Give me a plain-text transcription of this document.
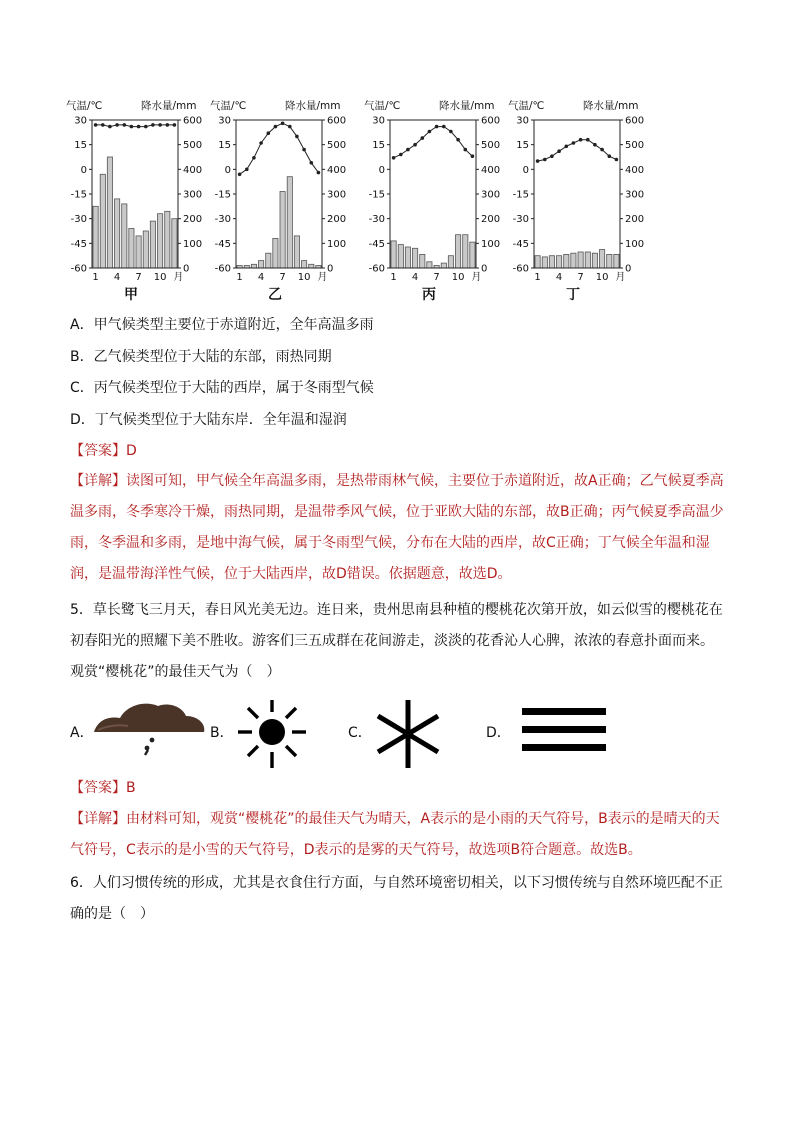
气温/℃	降水量/mm
30
15
0
-15
-30
-45
-60
600
500
400
300
200
100
0
1 4 7 10 月
甲
气温/℃	降水量/mm
30
15
0
-15
-30
-45
-60
600
500
400
300
200
100
0
1 4 7 10 月
乙
气温/℃	降水量/mm
30
15
0
-15
-30
-45
-60
600
500
400
300
200
100
0
1 4 7 10 月
丙
气温/℃	降水量/mm
30
15
0
-15
-30
-45
-60
600
500
400
300
200
100
0
1 4 7 10 月
丁
A．甲气候类型主要位于赤道附近，全年高温多雨
B．乙气候类型位于大陆的东部，雨热同期
C．丙气候类型位于大陆的西岸，属于冬雨型气候
D．丁气候类型位于大陆东岸．全年温和湿润
【答案】D
【详解】读图可知，甲气候全年高温多雨，是热带雨林气候，主要位于赤道附近，故A正确；乙气候夏季高温多雨，冬季寒冷干燥，雨热同期，是温带季风气候，位于亚欧大陆的东部，故B正确；丙气候夏季高温少雨，冬季温和多雨，是地中海气候，属于冬雨型气候，分布在大陆的西岸，故C正确；丁气候全年温和湿润，是温带海洋性气候，位于大陆西岸，故D错误。依据题意，故选D。
5．草长鹭飞三月天，春日风光美无边。连日来，贵州思南县种植的樱桃花次第开放，如云似雪的樱桃花在初春阳光的照耀下美不胜收。游客们三五成群在花间游走，淡淡的花香沁人心脾，浓浓的春意扑面而来。观赏“樱桃花”的最佳天气为（　）
A．	B．	C．	D．
【答案】B
【详解】由材料可知，观赏“樱桃花”的最佳天气为晴天，A表示的是小雨的天气符号，B表示的是晴天的天气符号，C表示的是小雪的天气符号，D表示的是雾的天气符号，故选项B符合题意。故选B。
6．人们习惯传统的形成，尤其是衣食住行方面，与自然环境密切相关，以下习惯传统与自然环境匹配不正确的是（　）
